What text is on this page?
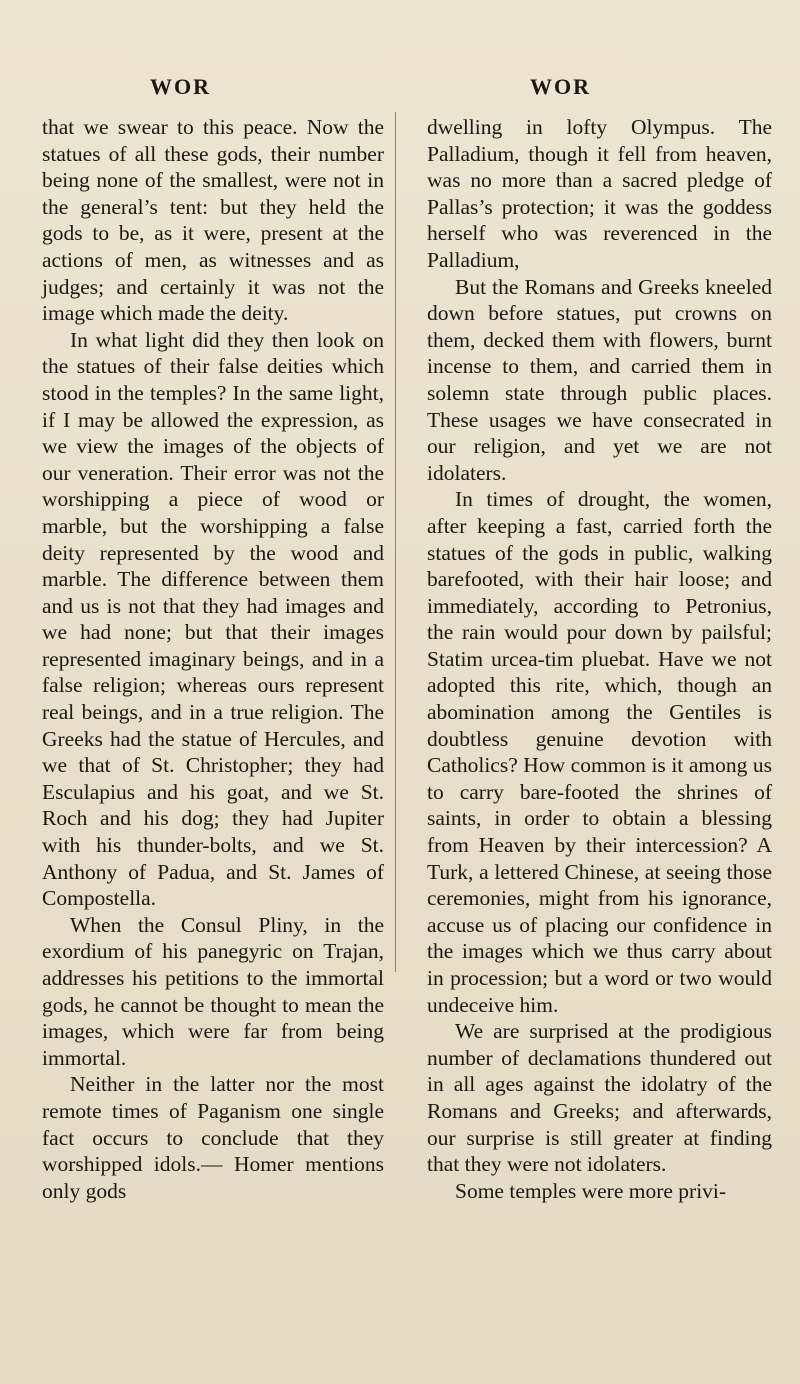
WOR	WOR

that we swear to this peace. Now the statues of all these gods, their number being none of the smallest, were not in the general’s tent: but they held the gods to be, as it were, present at the actions of men, as witnesses and as judges; and certainly it was not the image which made the deity.

In what light did they then look on the statues of their false deities which stood in the temples? In the same light, if I may be allowed the expression, as we view the images of the objects of our veneration. Their error was not the worshipping a piece of wood or marble, but the worshipping a false deity represented by the wood and marble. The difference between them and us is not that they had images and we had none; but that their images represented imaginary beings, and in a false religion; whereas ours represent real beings, and in a true religion. The Greeks had the statue of Hercules, and we that of St. Christopher; they had Esculapius and his goat, and we St. Roch and his dog; they had Jupiter with his thunder-bolts, and we St. Anthony of Padua, and St. James of Compostella.

When the Consul Pliny, in the exordium of his panegyric on Trajan, addresses his petitions to the immortal gods, he cannot be thought to mean the images, which were far from being immortal.

Neither in the latter nor the most remote times of Paganism one single fact occurs to conclude that they worshipped idols.— Homer mentions only gods

dwelling in lofty Olympus. The Palladium, though it fell from heaven, was no more than a sacred pledge of Pallas’s protection; it was the goddess herself who was reverenced in the Palladium,

But the Romans and Greeks kneeled down before statues, put crowns on them, decked them with flowers, burnt incense to them, and carried them in solemn state through public places. These usages we have consecrated in our religion, and yet we are not idolaters.

In times of drought, the women, after keeping a fast, carried forth the statues of the gods in public, walking barefooted, with their hair loose; and immediately, according to Petronius, the rain would pour down by pailsful; Statim urcea-tim pluebat. Have we not adopted this rite, which, though an abomination among the Gentiles is doubtless genuine devotion with Catholics? How common is it among us to carry bare-footed the shrines of saints, in order to obtain a blessing from Heaven by their intercession? A Turk, a lettered Chinese, at seeing those ceremonies, might from his ignorance, accuse us of placing our confidence in the images which we thus carry about in procession; but a word or two would undeceive him.

We are surprised at the prodigious number of declamations thundered out in all ages against the idolatry of the Romans and Greeks; and afterwards, our surprise is still greater at finding that they were not idolaters.

Some temples were more privi-
